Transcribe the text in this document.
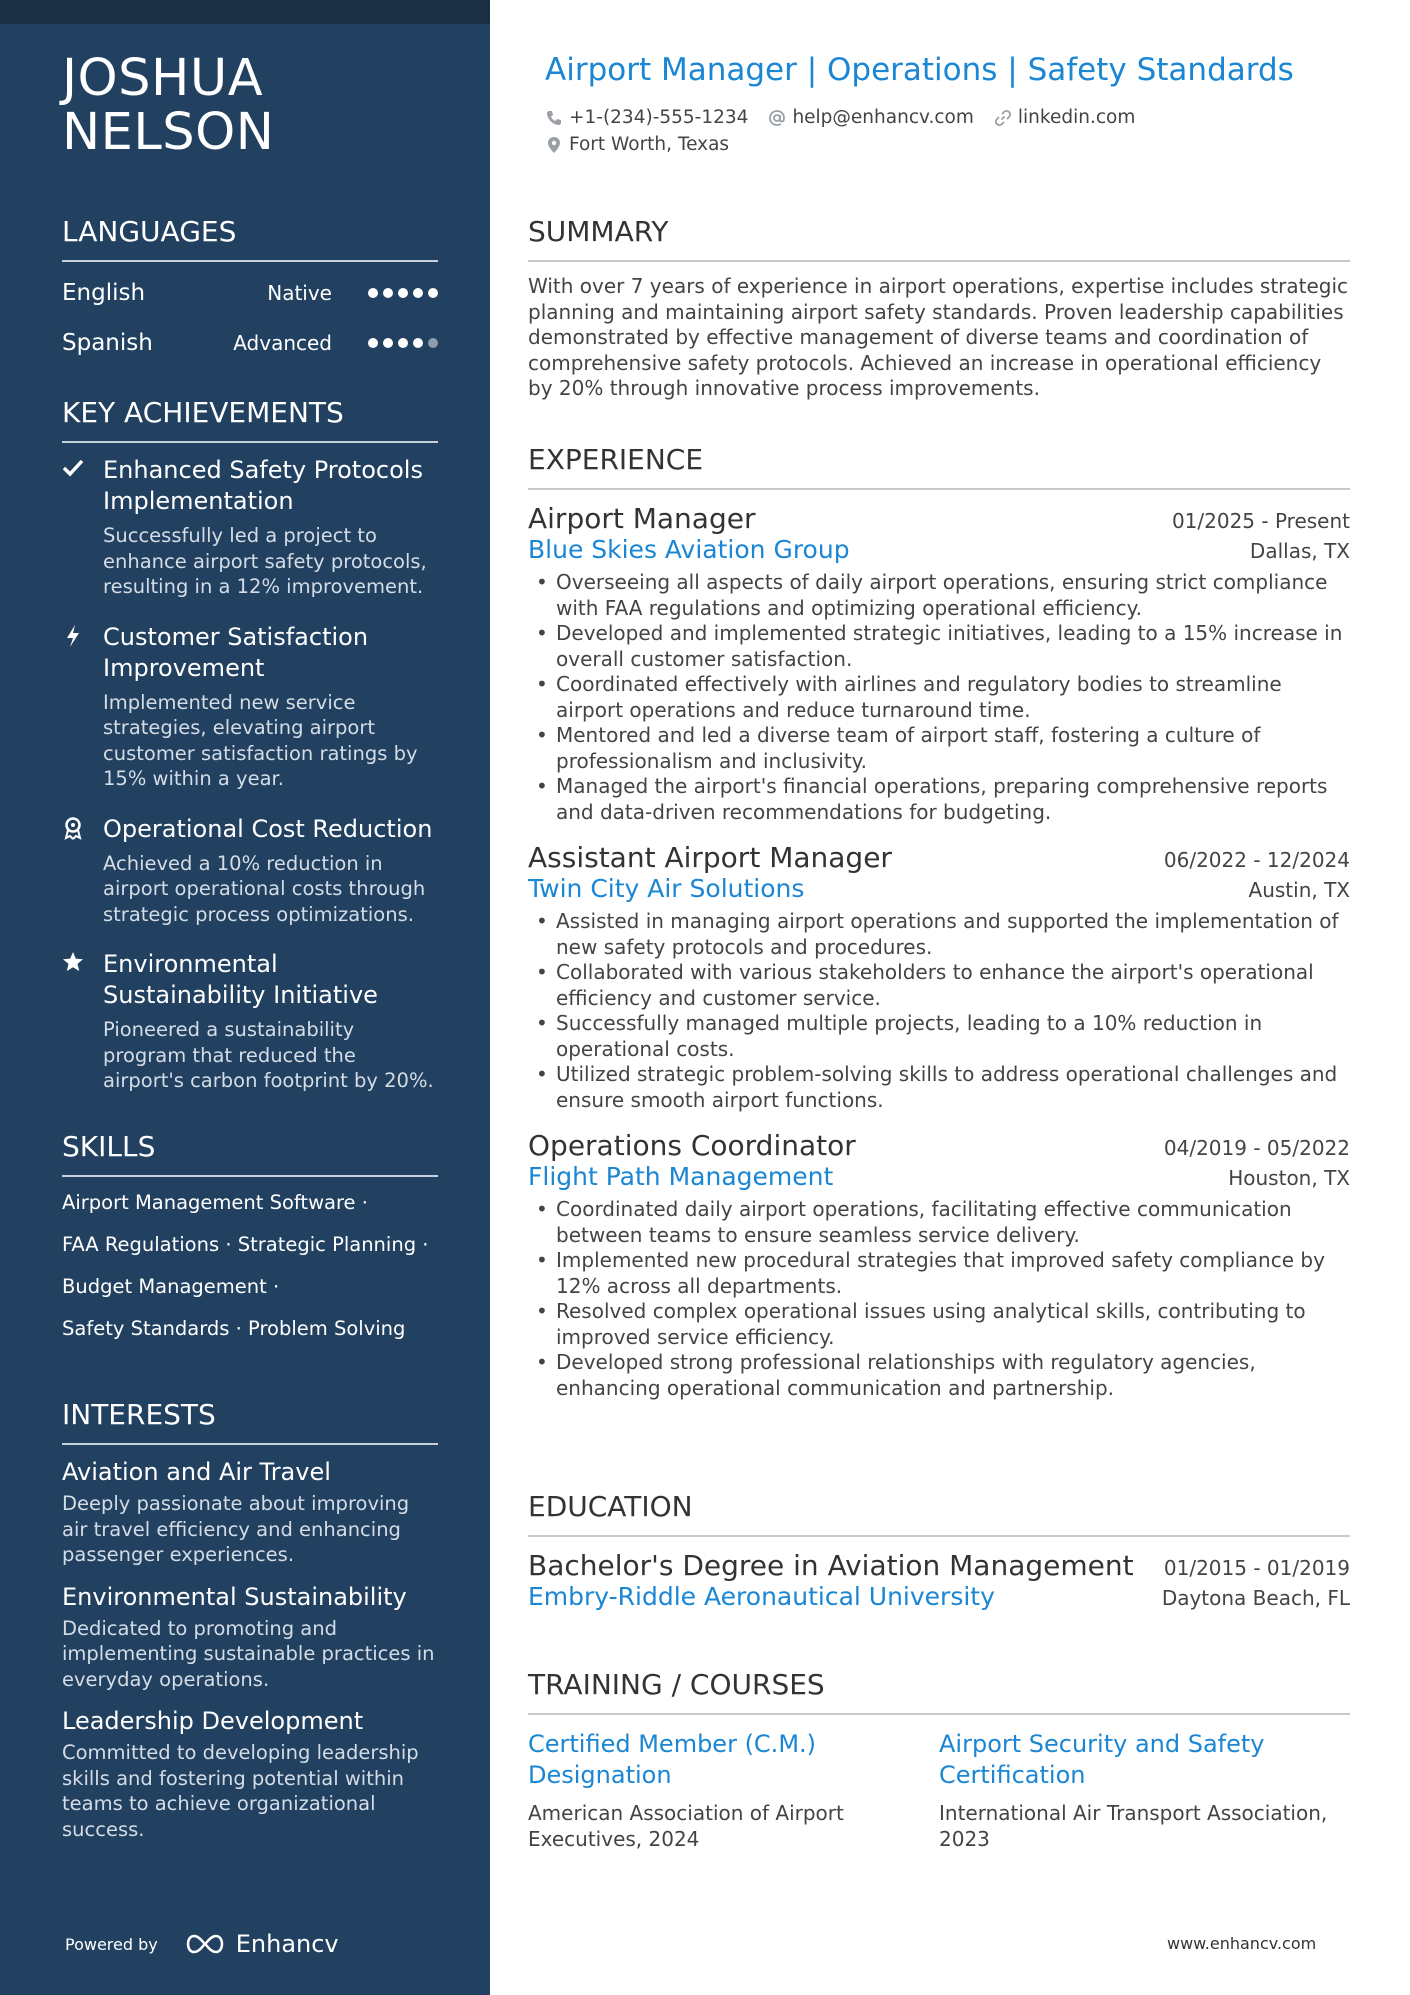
JOSHUA
NELSON
LANGUAGES
English	Native
Spanish	Advanced
KEY ACHIEVEMENTS
Enhanced Safety Protocols Implementation
Successfully led a project to enhance airport safety protocols, resulting in a 12% improvement.
Customer Satisfaction Improvement
Implemented new service strategies, elevating airport customer satisfaction ratings by 15% within a year.
Operational Cost Reduction
Achieved a 10% reduction in airport operational costs through strategic process optimizations.
Environmental Sustainability Initiative
Pioneered a sustainability program that reduced the airport's carbon footprint by 20%.
SKILLS
Airport Management Software ·
FAA Regulations · Strategic Planning ·
Budget Management ·
Safety Standards · Problem Solving
INTERESTS
Aviation and Air Travel
Deeply passionate about improving air travel efficiency and enhancing passenger experiences.
Environmental Sustainability
Dedicated to promoting and implementing sustainable practices in everyday operations.
Leadership Development
Committed to developing leadership skills and fostering potential within teams to achieve organizational success.
Powered by	Enhancv
Airport Manager | Operations | Safety Standards
+1-(234)-555-1234 help@enhancv.com linkedin.com
Fort Worth, Texas
SUMMARY

With over 7 years of experience in airport operations, expertise includes strategic planning and maintaining airport safety standards. Proven leadership capabilities demonstrated by effective management of diverse teams and coordination of comprehensive safety protocols. Achieved an increase in operational efficiency by 20% through innovative process improvements.

EXPERIENCE
Airport Manager	01/2025 - Present
Blue Skies Aviation Group	Dallas, TX
• Overseeing all aspects of daily airport operations, ensuring strict compliance with FAA regulations and optimizing operational efficiency.
• Developed and implemented strategic initiatives, leading to a 15% increase in overall customer satisfaction.
• Coordinated effectively with airlines and regulatory bodies to streamline airport operations and reduce turnaround time.
• Mentored and led a diverse team of airport staff, fostering a culture of professionalism and inclusivity.
• Managed the airport's financial operations, preparing comprehensive reports and data-driven recommendations for budgeting.
Assistant Airport Manager	06/2022 - 12/2024
Twin City Air Solutions	Austin, TX
• Assisted in managing airport operations and supported the implementation of new safety protocols and procedures.
• Collaborated with various stakeholders to enhance the airport's operational efficiency and customer service.
• Successfully managed multiple projects, leading to a 10% reduction in operational costs.
• Utilized strategic problem-solving skills to address operational challenges and ensure smooth airport functions.
Operations Coordinator	04/2019 - 05/2022
Flight Path Management	Houston, TX
• Coordinated daily airport operations, facilitating effective communication between teams to ensure seamless service delivery.
• Implemented new procedural strategies that improved safety compliance by 12% across all departments.
• Resolved complex operational issues using analytical skills, contributing to improved service efficiency.
• Developed strong professional relationships with regulatory agencies, enhancing operational communication and partnership.
EDUCATION
Bachelor's Degree in Aviation Management 01/2015 - 01/2019
Embry-Riddle Aeronautical University	Daytona Beach, FL
TRAINING / COURSES
Certified Member (C.M.) Designation
American Association of Airport Executives, 2024
Airport Security and Safety Certification
International Air Transport Association, 2023
www.enhancv.com
